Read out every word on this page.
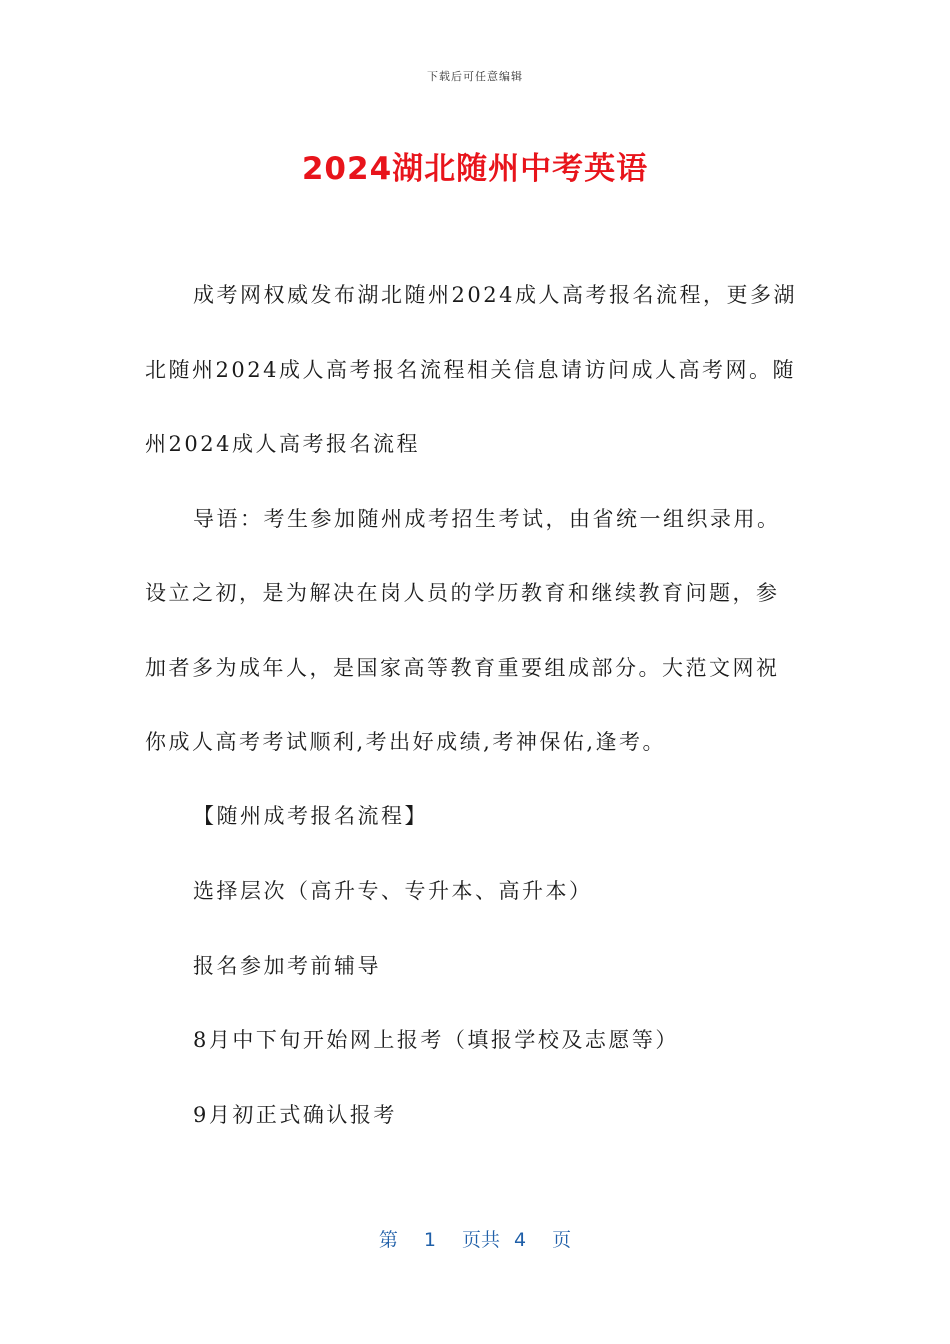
下载后可任意编辑
2024湖北随州中考英语
成考网权威发布湖北随州2024成人高考报名流程，更多湖
北随州2024成人高考报名流程相关信息请访问成人高考网。随
州2024成人高考报名流程
导语：考生参加随州成考招生考试，由省统一组织录用。
设立之初，是为解决在岗人员的学历教育和继续教育问题，参
加者多为成年人，是国家高等教育重要组成部分。大范文网祝
你成人高考考试顺利,考出好成绩,考神保佑,逢考。
【随州成考报名流程】
选择层次（高升专、专升本、高升本）
报名参加考前辅导
8月中下旬开始网上报考（填报学校及志愿等）
9月初正式确认报考
第 1 页共 4 页
